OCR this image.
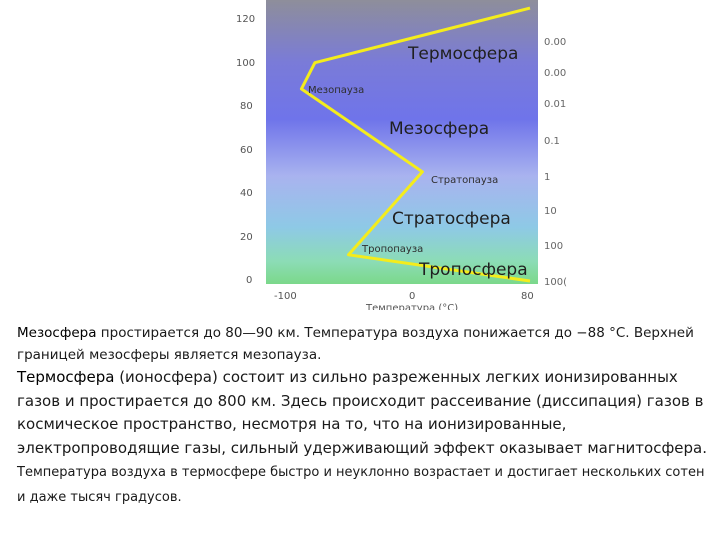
120
100
80
60
40
20
0
-100	0	80
Температура (°C)
0.00
0.00
0.01
0.1
1
10
100
100(
Термосфера
Мезопауза
Мезосфера
Стратопауза
Стратосфера
Тропопауза
Тропосфера

Мезосфера простирается до 80—90 км. Температура воздуха понижается до −88 °C. Верхней границей мезосферы является мезопауза.

Термосфера (ионосфера) состоит из сильно разреженных легких ионизированных газов и простирается до 800 км. Здесь происходит рассеивание (диссипация) газов в космическое пространство, несмотря на то, что на ионизированные, электропроводящие газы, сильный удерживающий эффект оказывает магнитосфера. Температура воздуха в термосфере быстро и неуклонно возрастает и достигает нескольких сотен и даже тысяч градусов.
